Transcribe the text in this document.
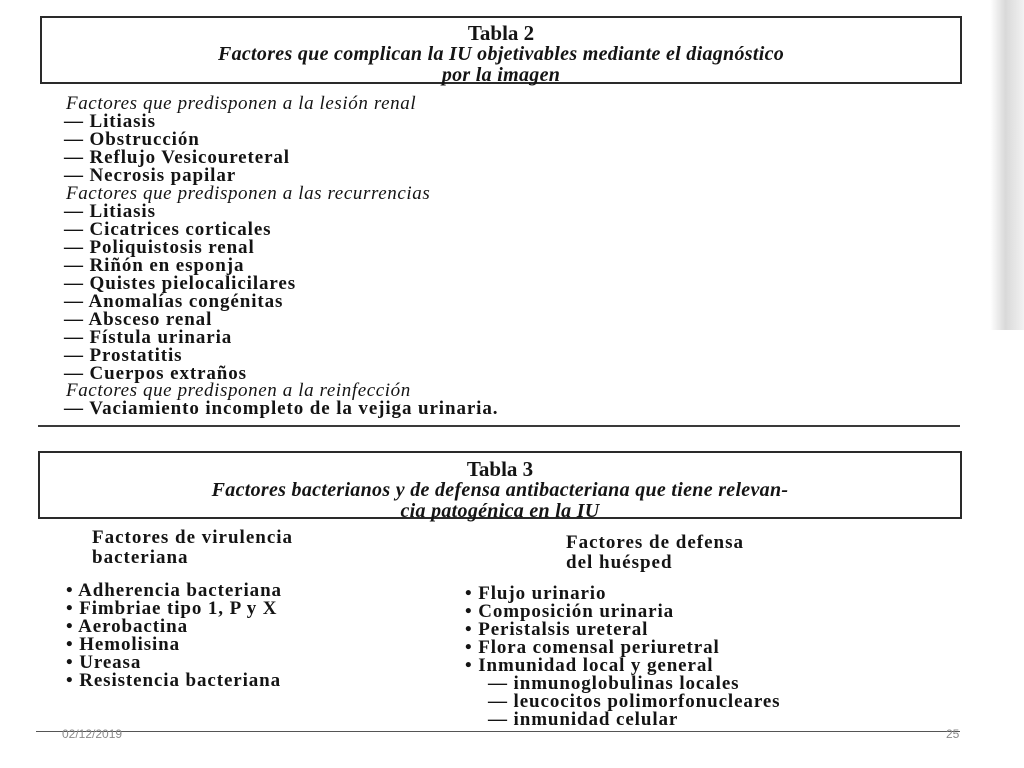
Tabla 2
Factores que complican la IU objetivables mediante el diagnóstico
por la imagen
Factores que predisponen a la lesión renal
— Litiasis
— Obstrucción
— Reflujo Vesicoureteral
— Necrosis papilar
Factores que predisponen a las recurrencias
— Litiasis
— Cicatrices corticales
— Poliquistosis renal
— Riñón en esponja
— Quistes pielocalicilares
— Anomalías congénitas
— Absceso renal
— Fístula urinaria
— Prostatitis
— Cuerpos extraños
Factores que predisponen a la reinfección
— Vaciamiento incompleto de la vejiga urinaria.
Tabla 3
Factores bacterianos y de defensa antibacteriana que tiene relevan-
cia patogénica en la IU
Factores de virulencia
bacteriana
Factores de defensa
del huésped
• Adherencia bacteriana
• Fimbriae tipo 1, P y X
• Aerobactina
• Hemolisina
• Ureasa
• Resistencia bacteriana
• Flujo urinario
• Composición urinaria
• Peristalsis ureteral
• Flora comensal periuretral
• Inmunidad local y general
— inmunoglobulinas locales
— leucocitos polimorfonucleares
— inmunidad celular
02/12/2019	25
